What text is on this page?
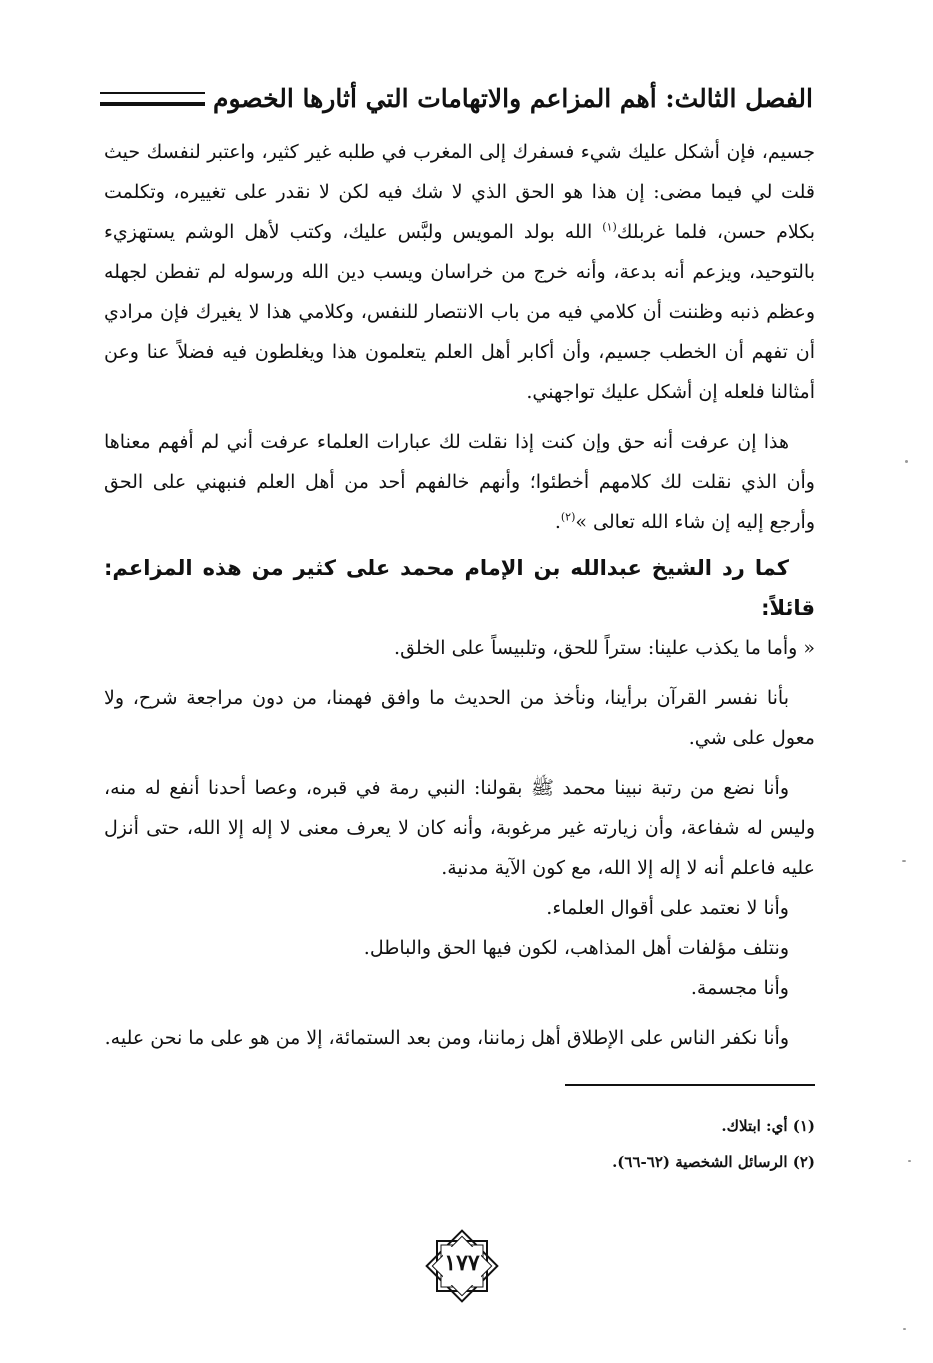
الفصل الثالث: أهم المزاعم والاتهامات التي أثارها الخصوم

جسيم، فإن أشكل عليك شيء فسفرك إلى المغرب في طلبه غير كثير، واعتبر لنفسك حيث قلت لي فيما مضى: إن هذا هو الحق الذي لا شك فيه لكن لا نقدر على تغييره، وتكلمت بكلام حسن، فلما غربلك$^{(١)}$ الله بولد المويس ولبَّس عليك، وكتب لأهل الوشم يستهزيء بالتوحيد، ويزعم أنه بدعة، وأنه خرج من خراسان ويسب دين الله ورسوله لم تفطن لجهله وعظم ذنبه وظننت أن كلامي فيه من باب الانتصار للنفس، وكلامي هذا لا يغيرك فإن مرادي أن تفهم أن الخطب جسيم، وأن أكابر أهل العلم يتعلمون هذا ويغلطون فيه فضلاً عنا وعن أمثالنا فلعله إن أشكل عليك تواجهني.

هذا إن عرفت أنه حق وإن كنت إذا نقلت لك عبارات العلماء عرفت أني لم أفهم معناها وأن الذي نقلت لك كلامهم أخطئوا؛ وأنهم خالفهم أحد من أهل العلم فنبهني على الحق وأرجع إليه إن شاء الله تعالى »$^{(٢)}$.

كما رد الشيخ عبدالله بن الإمام محمد على كثير من هذه المزاعم: قائلاً:

« وأما ما يكذب علينا: ستراً للحق، وتلبيساً على الخلق.

بأنا نفسر القرآن برأينا، ونأخذ من الحديث ما وافق فهمنا، من دون مراجعة شرح، ولا معول على شي.

وأنا نضع من رتبة نبينا محمد ﷺ بقولنا: النبي رمة في قبره، وعصا أحدنا أنفع له منه، وليس له شفاعة، وأن زيارته غير مرغوبة، وأنه كان لا يعرف معنى لا إله إلا الله، حتى أنزل عليه فاعلم أنه لا إله إلا الله، مع كون الآية مدنية.

وأنا لا نعتمد على أقوال العلماء.

ونتلف مؤلفات أهل المذاهب، لكون فيها الحق والباطل.

وأنا مجسمة.

وأنا نكفر الناس على الإطلاق أهل زماننا، ومن بعد الستمائة، إلا من هو على ما نحن عليه.

(١) أي: ابتلاك.

(٢) الرسائل الشخصية (٦٢-٦٦).

١٧٧
